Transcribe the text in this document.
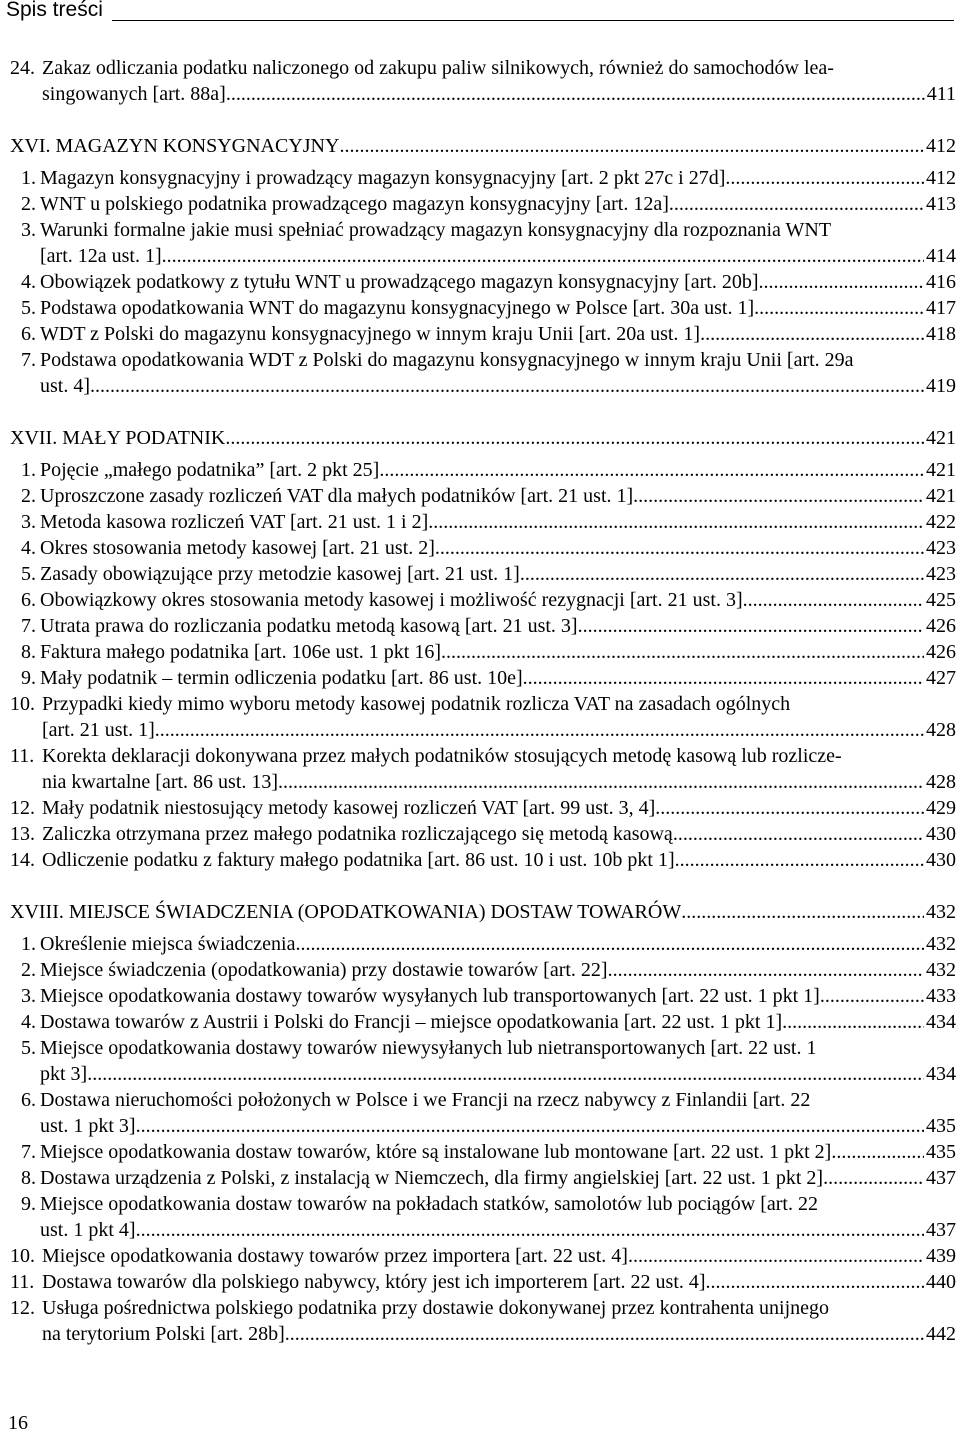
Spis treści
24. Zakaz odliczania podatku naliczonego od zakupu paliw silnikowych, również do samochodów lea-
singowanych [art. 88a] .....	411
XVI. MAGAZYN KONSYGNACYJNY .....	412
1. Magazyn konsygnacyjny i prowadzący magazyn konsygnacyjny [art. 2 pkt 27c i 27d] .....	412
2. WNT u polskiego podatnika prowadzącego magazyn konsygnacyjny [art. 12a] .....	413
3. Warunki formalne jakie musi spełniać prowadzący magazyn konsygnacyjny dla rozpoznania WNT
[art. 12a ust. 1] .....	414
4. Obowiązek podatkowy z tytułu WNT u prowadzącego magazyn konsygnacyjny [art. 20b] .....	416
5. Podstawa opodatkowania WNT do magazynu konsygnacyjnego w Polsce [art. 30a ust. 1] .....	417
6. WDT z Polski do magazynu konsygnacyjnego w innym kraju Unii [art. 20a ust. 1] .....	418
7. Podstawa opodatkowania WDT z Polski do magazynu konsygnacyjnego w innym kraju Unii [art. 29a
ust. 4] .....	419
XVII. MAŁY PODATNIK .....	421
1. Pojęcie „małego podatnika” [art. 2 pkt 25] .....	421
2. Uproszczone zasady rozliczeń VAT dla małych podatników [art. 21 ust. 1] .....	421
3. Metoda kasowa rozliczeń VAT [art. 21 ust. 1 i 2] .....	422
4. Okres stosowania metody kasowej [art. 21 ust. 2] .....	423
5. Zasady obowiązujące przy metodzie kasowej [art. 21 ust. 1] .....	423
6. Obowiązkowy okres stosowania metody kasowej i możliwość rezygnacji [art. 21 ust. 3] .....	425
7. Utrata prawa do rozliczania podatku metodą kasową [art. 21 ust. 3] .....	426
8. Faktura małego podatnika [art. 106e ust. 1 pkt 16] .....	426
9. Mały podatnik – termin odliczenia podatku [art. 86 ust. 10e] .....	427
10. Przypadki kiedy mimo wyboru metody kasowej podatnik rozlicza VAT na zasadach ogólnych
[art. 21 ust. 1] .....	428
11. Korekta deklaracji dokonywana przez małych podatników stosujących metodę kasową lub rozlicze-
nia kwartalne [art. 86 ust. 13] .....	428
12. Mały podatnik niestosujący metody kasowej rozliczeń VAT [art. 99 ust. 3, 4] .....	429
13. Zaliczka otrzymana przez małego podatnika rozliczającego się metodą kasową .....	430
14. Odliczenie podatku z faktury małego podatnika [art. 86 ust. 10 i ust. 10b pkt 1] .....	430
XVIII. MIEJSCE ŚWIADCZENIA (OPODATKOWANIA) DOSTAW TOWARÓW .....	432
1. Określenie miejsca świadczenia .....	432
2. Miejsce świadczenia (opodatkowania) przy dostawie towarów [art. 22] .....	432
3. Miejsce opodatkowania dostawy towarów wysyłanych lub transportowanych [art. 22 ust. 1 pkt 1] .....	433
4. Dostawa towarów z Austrii i Polski do Francji – miejsce opodatkowania [art. 22 ust. 1 pkt 1] .....	434
5. Miejsce opodatkowania dostawy towarów niewysyłanych lub nietransportowanych [art. 22 ust. 1
pkt 3] .....	434
6. Dostawa nieruchomości położonych w Polsce i we Francji na rzecz nabywcy z Finlandii [art. 22
ust. 1 pkt 3] .....	435
7. Miejsce opodatkowania dostaw towarów, które są instalowane lub montowane [art. 22 ust. 1 pkt 2] .....	435
8. Dostawa urządzenia z Polski, z instalacją w Niemczech, dla firmy angielskiej [art. 22 ust. 1 pkt 2] .....	437
9. Miejsce opodatkowania dostaw towarów na pokładach statków, samolotów lub pociągów [art. 22
ust. 1 pkt 4] .....	437
10. Miejsce opodatkowania dostawy towarów przez importera [art. 22 ust. 4] .....	439
11. Dostawa towarów dla polskiego nabywcy, który jest ich importerem [art. 22 ust. 4] .....	440
12. Usługa pośrednictwa polskiego podatnika przy dostawie dokonywanej przez kontrahenta unijnego
na terytorium Polski [art. 28b] .....	442
16
